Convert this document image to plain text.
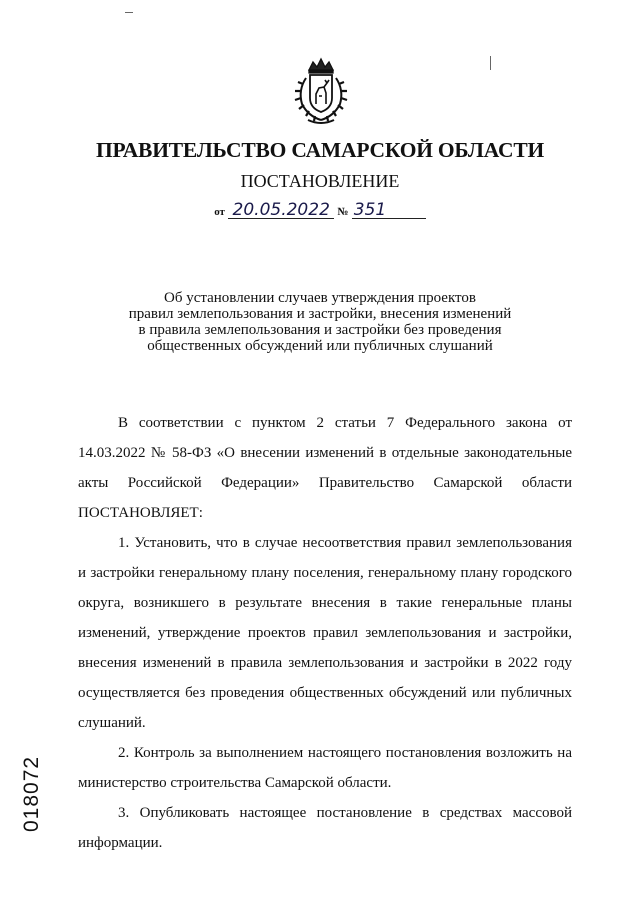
ПРАВИТЕЛЬСТВО САМАРСКОЙ ОБЛАСТИ
ПОСТАНОВЛЕНИЕ
от 20.05.2022 № 351
Об установлении случаев утверждения проектов
правил землепользования и застройки, внесения изменений
в правила землепользования и застройки без проведения
общественных обсуждений или публичных слушаний

В соответствии с пунктом 2 статьи 7 Федерального закона от 14.03.2022 № 58-ФЗ «О внесении изменений в отдельные законодательные акты Российской Федерации» Правительство Самарской области ПОСТАНОВЛЯЕТ:

1. Установить, что в случае несоответствия правил землепользования и застройки генеральному плану поселения, генеральному плану городского округа, возникшего в результате внесения в такие генеральные планы изменений, утверждение проектов правил землепользования и застройки, внесения изменений в правила землепользования и застройки в 2022 году осуществляется без проведения общественных обсуждений или публичных слушаний.

2. Контроль за выполнением настоящего постановления возложить на министерство строительства Самарской области.

3. Опубликовать настоящее постановление в средствах массовой информации.

018072
